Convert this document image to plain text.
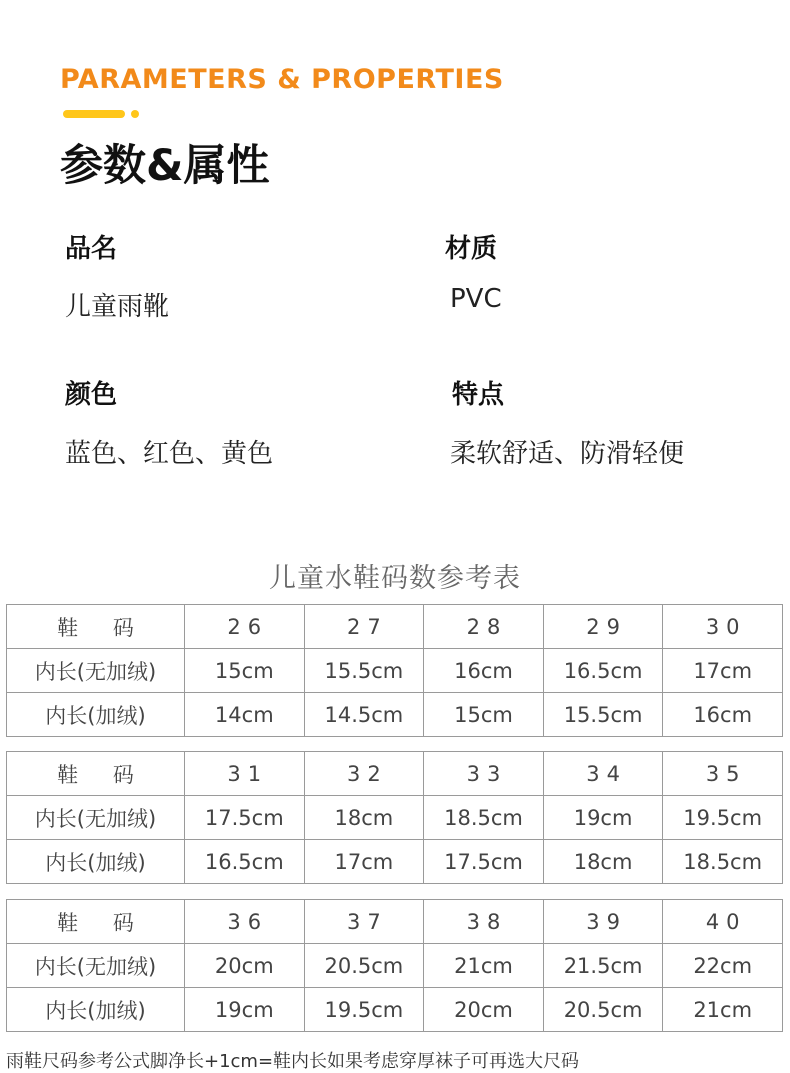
PARAMETERS & PROPERTIES
参数&属性
品名
儿童雨靴
材质
PVC
颜色
蓝色、红色、黄色
特点
柔软舒适、防滑轻便
儿童水鞋码数参考表
鞋 码	26	27	28	29	30
内长(无加绒)	15cm	15.5cm	16cm	16.5cm	17cm
内长(加绒)	14cm	14.5cm	15cm	15.5cm	16cm
鞋 码	31	32	33	34	35
内长(无加绒)	17.5cm	18cm	18.5cm	19cm	19.5cm
内长(加绒)	16.5cm	17cm	17.5cm	18cm	18.5cm
鞋 码	36	37	38	39	40
内长(无加绒)	20cm	20.5cm	21cm	21.5cm	22cm
内长(加绒)	19cm	19.5cm	20cm	20.5cm	21cm
雨鞋尺码参考公式脚净长+1cm=鞋内长如果考虑穿厚袜子可再选大尺码
